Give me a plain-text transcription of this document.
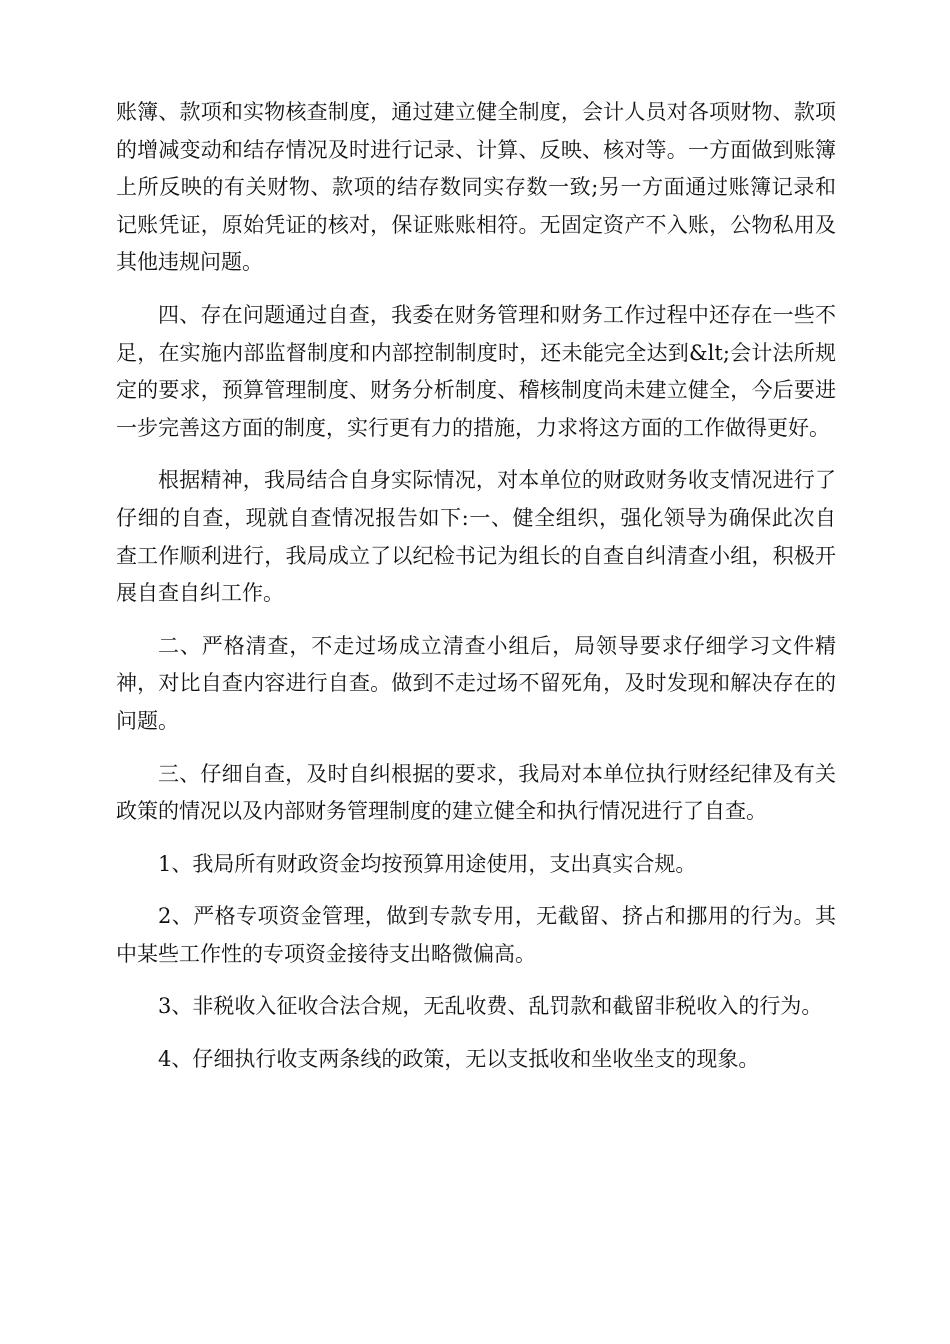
账簿、款项和实物核查制度，通过建立健全制度，会计人员对各项财物、款项的增减变动和结存情况及时进行记录、计算、反映、核对等。一方面做到账簿上所反映的有关财物、款项的结存数同实存数一致;另一方面通过账簿记录和记账凭证，原始凭证的核对，保证账账相符。无固定资产不入账，公物私用及其他违规问题。

四、存在问题通过自查，我委在财务管理和财务工作过程中还存在一些不足，在实施内部监督制度和内部控制制度时，还未能完全达到&lt;会计法所规定的要求，预算管理制度、财务分析制度、稽核制度尚未建立健全，今后要进一步完善这方面的制度，实行更有力的措施，力求将这方面的工作做得更好。

根据精神，我局结合自身实际情况，对本单位的财政财务收支情况进行了仔细的自查，现就自查情况报告如下:一、健全组织，强化领导为确保此次自查工作顺利进行，我局成立了以纪检书记为组长的自查自纠清查小组，积极开展自查自纠工作。

二、严格清查，不走过场成立清查小组后，局领导要求仔细学习文件精神，对比自查内容进行自查。做到不走过场不留死角，及时发现和解决存在的问题。

三、仔细自查，及时自纠根据的要求，我局对本单位执行财经纪律及有关政策的情况以及内部财务管理制度的建立健全和执行情况进行了自查。

1、我局所有财政资金均按预算用途使用，支出真实合规。

2、严格专项资金管理，做到专款专用，无截留、挤占和挪用的行为。其中某些工作性的专项资金接待支出略微偏高。

3、非税收入征收合法合规，无乱收费、乱罚款和截留非税收入的行为。

4、仔细执行收支两条线的政策，无以支抵收和坐收坐支的现象。
